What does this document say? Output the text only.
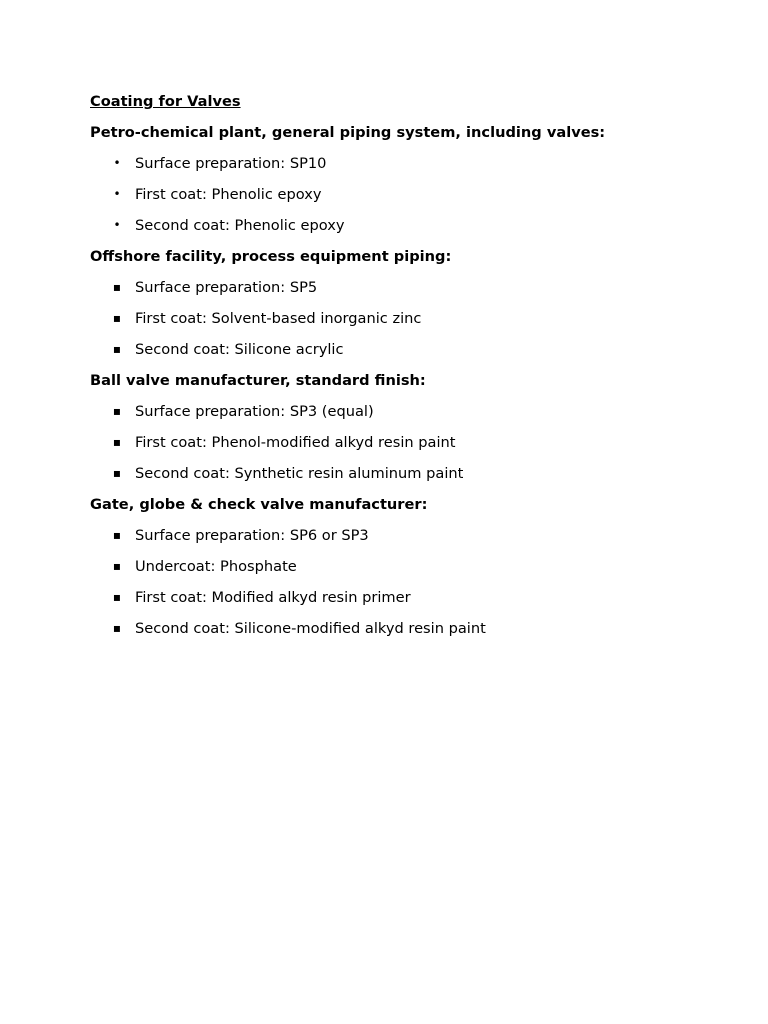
Coating for Valves
Petro-chemical plant, general piping system, including valves:
• Surface preparation: SP10
• First coat: Phenolic epoxy
• Second coat: Phenolic epoxy
Offshore facility, process equipment piping:
▪ Surface preparation: SP5
▪ First coat: Solvent-based inorganic zinc
▪ Second coat: Silicone acrylic
Ball valve manufacturer, standard finish:
▪ Surface preparation: SP3 (equal)
▪ First coat: Phenol-modified alkyd resin paint
▪ Second coat: Synthetic resin aluminum paint
Gate, globe & check valve manufacturer:
▪ Surface preparation: SP6 or SP3
▪ Undercoat: Phosphate
▪ First coat: Modified alkyd resin primer
▪ Second coat: Silicone-modified alkyd resin paint
